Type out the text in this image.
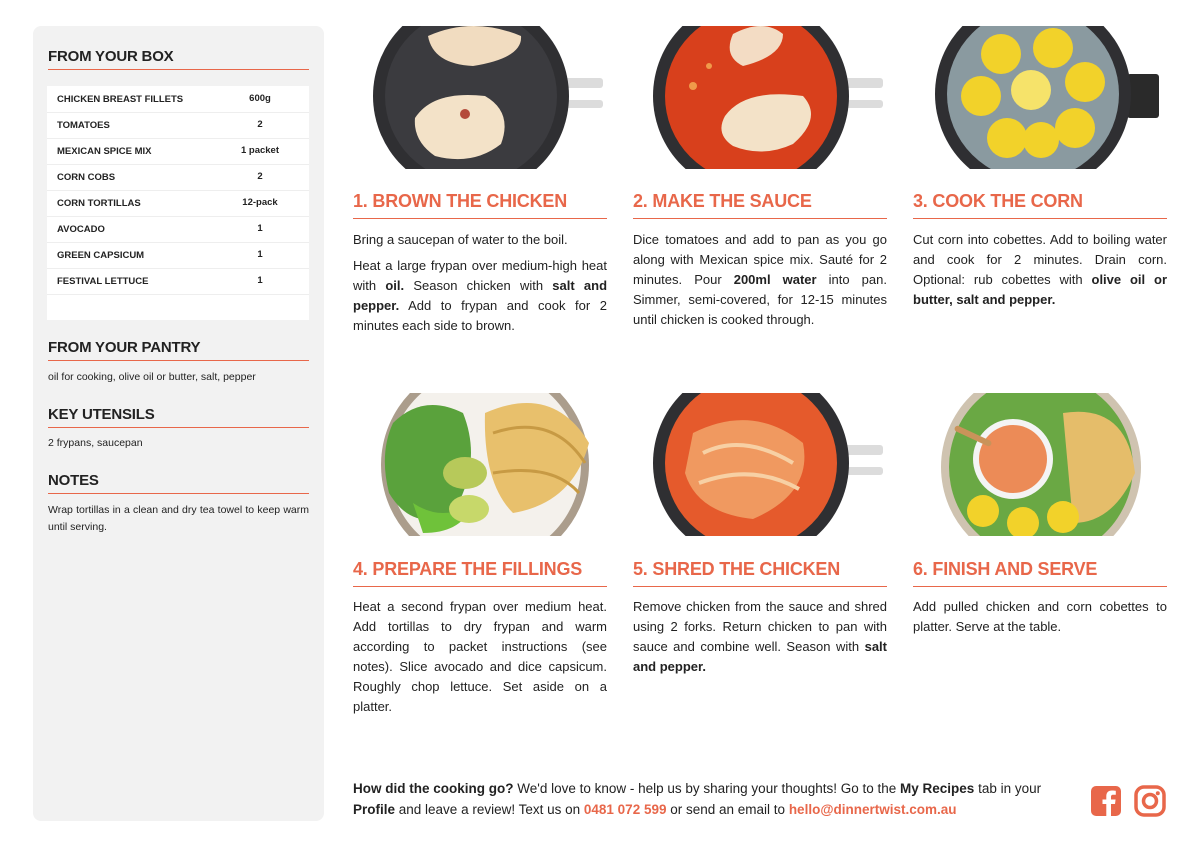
FROM YOUR BOX
CHICKEN BREAST FILLETS	600g
TOMATOES	2
MEXICAN SPICE MIX	1 packet
CORN COBS	2
CORN TORTILLAS	12-pack
AVOCADO	1
GREEN CAPSICUM	1
FESTIVAL LETTUCE	1
FROM YOUR PANTRY
oil for cooking, olive oil or butter, salt, pepper
KEY UTENSILS
2 frypans, saucepan
NOTES
Wrap tortillas in a clean and dry tea towel to keep warm until serving.
1. BROWN THE CHICKEN

Bring a saucepan of water to the boil.

Heat a large frypan over medium-high heat with oil. Season chicken with salt and pepper. Add to frypan and cook for 2 minutes each side to brown.

2. MAKE THE SAUCE

Dice tomatoes and add to pan as you go along with Mexican spice mix. Sauté for 2 minutes. Pour 200ml water into pan. Simmer, semi-covered, for 12-15 minutes until chicken is cooked through.

3. COOK THE CORN

Cut corn into cobettes. Add to boiling water and cook for 2 minutes. Drain corn. Optional: rub cobettes with olive oil or butter, salt and pepper.

4. PREPARE THE FILLINGS

Heat a second frypan over medium heat. Add tortillas to dry frypan and warm according to packet instructions (see notes). Slice avocado and dice capsicum. Roughly chop lettuce. Set aside on a platter.

5. SHRED THE CHICKEN

Remove chicken from the sauce and shred using 2 forks. Return chicken to pan with sauce and combine well. Season with salt and pepper.

6. FINISH AND SERVE

Add pulled chicken and corn cobettes to platter. Serve at the table.

How did the cooking go? We'd love to know - help us by sharing your thoughts! Go to the My Recipes tab in your Profile and leave a review! Text us on 0481 072 599 or send an email to hello@dinnertwist.com.au
